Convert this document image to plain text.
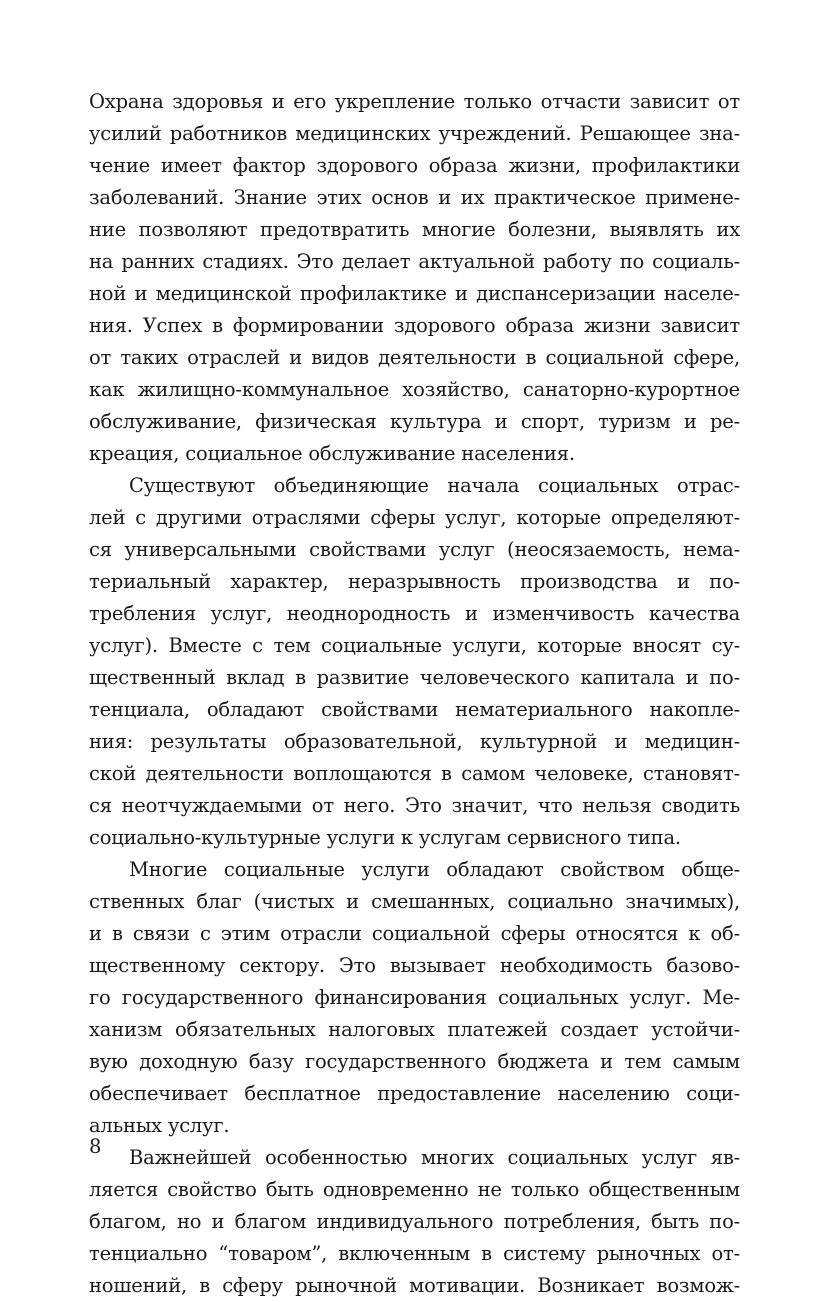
Охрана здоровья и его укрепление только отчасти зависит от
усилий работников медицинских учреждений. Решающее зна-
чение имеет фактор здорового образа жизни, профилактики
заболеваний. Знание этих основ и их практическое примене-
ние позволяют предотвратить многие болезни, выявлять их
на ранних стадиях. Это делает актуальной работу по социаль-
ной и медицинской профилактике и диспансеризации населе-
ния. Успех в формировании здорового образа жизни зависит
от таких отраслей и видов деятельности в социальной сфере,
как жилищно-коммунальное хозяйство, санаторно-курортное
обслуживание, физическая культура и спорт, туризм и ре-
креация, социальное обслуживание населения.
Существуют объединяющие начала социальных отрас-
лей с другими отраслями сферы услуг, которые определяют-
ся универсальными свойствами услуг (неосязаемость, нема-
териальный характер, неразрывность производства и по-
требления услуг, неоднородность и изменчивость качества
услуг). Вместе с тем социальные услуги, которые вносят су-
щественный вклад в развитие человеческого капитала и по-
тенциала, обладают свойствами нематериального накопле-
ния: результаты образовательной, культурной и медицин-
ской деятельности воплощаются в самом человеке, становят-
ся неотчуждаемыми от него. Это значит, что нельзя сводить
социально-культурные услуги к услугам сервисного типа.
Многие социальные услуги обладают свойством обще-
ственных благ (чистых и смешанных, социально значимых),
и в связи с этим отрасли социальной сферы относятся к об-
щественному сектору. Это вызывает необходимость базово-
го государственного финансирования социальных услуг. Ме-
ханизм обязательных налоговых платежей создает устойчи-
вую доходную базу государственного бюджета и тем самым
обеспечивает бесплатное предоставление населению соци-
альных услуг.
Важнейшей особенностью многих социальных услуг яв-
ляется свойство быть одновременно не только общественным
благом, но и благом индивидуального потребления, быть по-
тенциально “товаром”, включенным в систему рыночных от-
ношений, в сферу рыночной мотивации. Возникает возмож-
8
